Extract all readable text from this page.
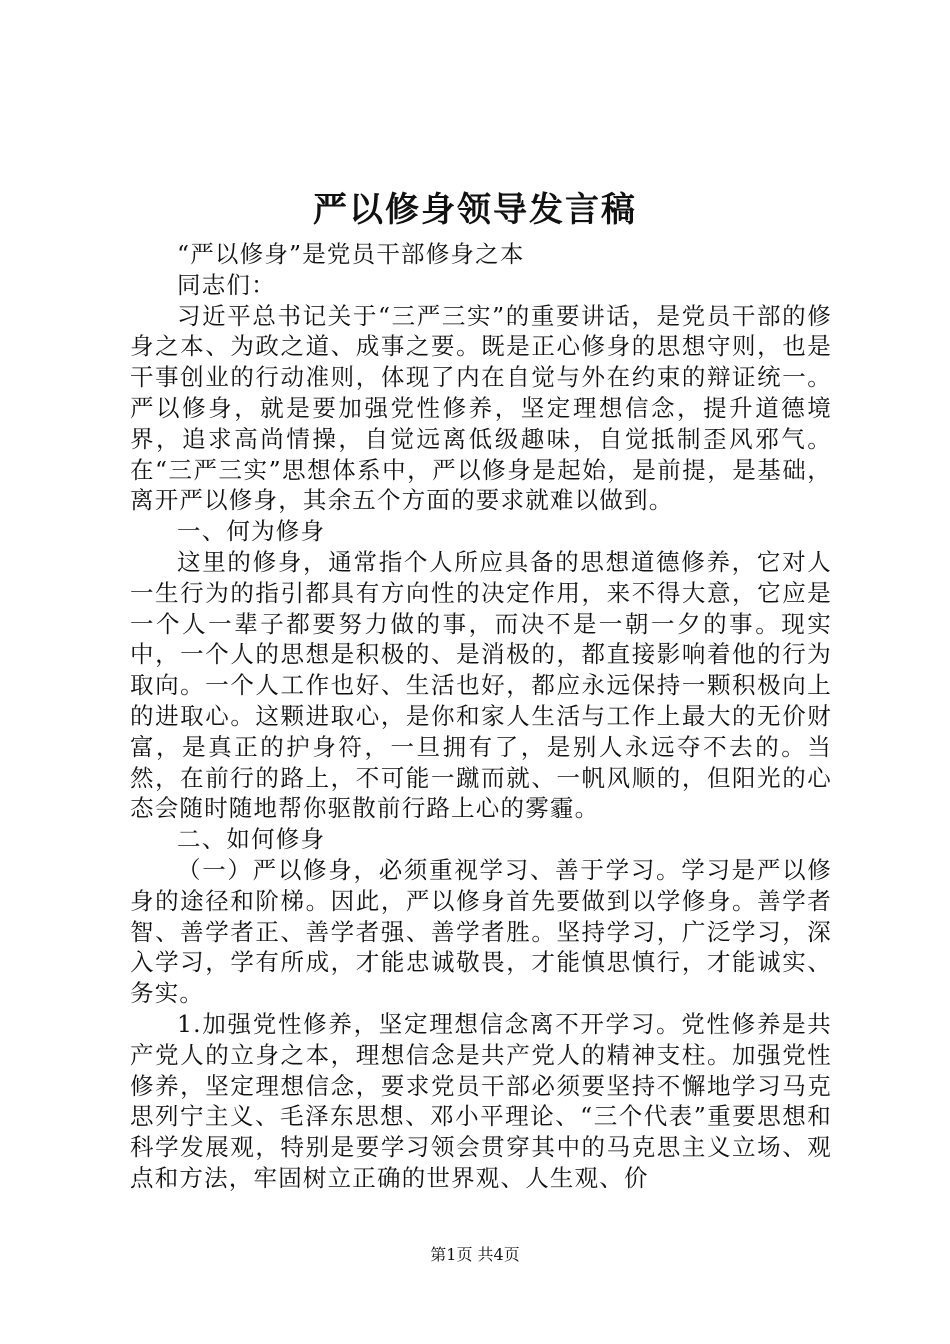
严以修身领导发言稿

“严以修身”是党员干部修身之本

同志们：

习近平总书记关于“三严三实”的重要讲话，是党员干部的修身之本、为政之道、成事之要。既是正心修身的思想守则，也是干事创业的行动准则，体现了内在自觉与外在约束的辩证统一。严以修身，就是要加强党性修养，坚定理想信念，提升道德境界，追求高尚情操，自觉远离低级趣味，自觉抵制歪风邪气。在“三严三实”思想体系中，严以修身是起始，是前提，是基础，离开严以修身，其余五个方面的要求就难以做到。

一、何为修身

这里的修身，通常指个人所应具备的思想道德修养，它对人一生行为的指引都具有方向性的决定作用，来不得大意，它应是一个人一辈子都要努力做的事，而决不是一朝一夕的事。现实中，一个人的思想是积极的、是消极的，都直接影响着他的行为取向。一个人工作也好、生活也好，都应永远保持一颗积极向上的进取心。这颗进取心，是你和家人生活与工作上最大的无价财富，是真正的护身符，一旦拥有了，是别人永远夺不去的。当然，在前行的路上，不可能一蹴而就、一帆风顺的，但阳光的心态会随时随地帮你驱散前行路上心的雾霾。

二、如何修身

（一）严以修身，必须重视学习、善于学习。学习是严以修身的途径和阶梯。因此，严以修身首先要做到以学修身。善学者智、善学者正、善学者强、善学者胜。坚持学习，广泛学习，深入学习，学有所成，才能忠诚敬畏，才能慎思慎行，才能诚实、务实。

1.加强党性修养，坚定理想信念离不开学习。党性修养是共产党人的立身之本，理想信念是共产党人的精神支柱。加强党性修养，坚定理想信念，要求党员干部必须要坚持不懈地学习马克思列宁主义、毛泽东思想、邓小平理论、“三个代表”重要思想和科学发展观，特别是要学习领会贯穿其中的马克思主义立场、观点和方法，牢固树立正确的世界观、人生观、价

第1页 共4页
